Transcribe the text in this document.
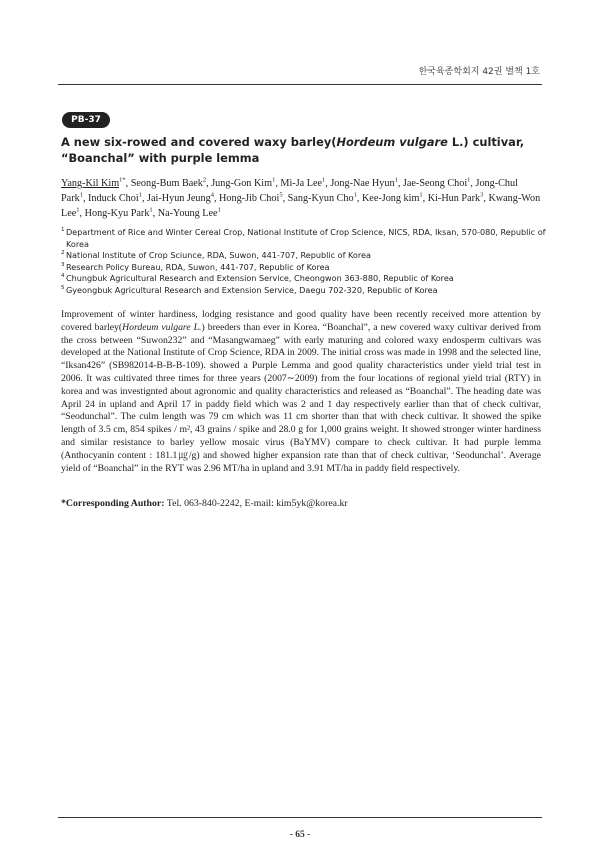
한국육종학회지 42권 별책 1호
PB-37
A new six-rowed and covered waxy barley(Hordeum vulgare L.) cultivar, “Boanchal” with purple lemma
Yang-Kil Kim$^{1*}$, Seong-Bum Baek$^2$, Jung-Gon Kim$^1$, Mi-Ja Lee$^1$, Jong-Nae Hyun$^1$, Jae-Seong Choi$^1$, Jong-Chul Park$^1$, Induck Choi$^1$, Jai-Hyun Jeung$^4$, Hong-Jib Choi$^5$, Sang-Kyun Cho$^1$, Kee-Jong kim$^1$, Ki-Hun Park$^3$, Kwang-Won Lee$^1$, Hong-Kyu Park$^1$, Na-Young Lee$^1$
$^1$ Department of Rice and Winter Cereal Crop, National Institute of Crop Science, NICS, RDA, Iksan, 570-080, Republic of Korea
$^2$ National Institute of Crop Sciunce, RDA, Suwon, 441-707, Republic of Korea
$^3$ Research Policy Bureau, RDA, Suwon, 441-707, Republic of Korea
$^4$ Chungbuk Agricultural Research and Extension Service, Cheongwon 363-880, Republic of Korea
$^5$ Gyeongbuk Agricultural Research and Extension Service, Daegu 702-320, Republic of Korea

Improvement of winter hardiness, lodging resistance and good quality have been recently received more attention by covered barley(Hordeum vulgare L.) breeders than ever in Korea. “Boanchal”, a new covered waxy cultivar derived from the cross between “Suwon232” and “Masangwamaeg” with early maturing and colored waxy endosperm cultivars was developed at the National Institute of Crop Science, RDA in 2009. The initial cross was made in 1998 and the selected line, “Iksan426” (SB982014-B-B-B-109). showed a Purple Lemma and good quality characteristics under yield trial test in 2006. It was cultivated three times for three years (2007∼2009) from the four locations of regional yield trial (RTY) in korea and was investignted about agronomic and quality characteristics and released as “Boanchal”. The heading date was April 24 in upland and April 17 in paddy field which was 2 and 1 day respectively earlier than that of check cultivar, “Seodunchal”. The culm length was 79 cm which was 11 cm shorter than that with check cultivar. It showed the spike length of 3.5 cm, 854 spikes / m², 43 grains / spike and 28.0 g for 1,000 grains weight. It showed stronger winter hardiness and similar resistance to barley yellow mosaic virus (BaYMV) compare to check cultivar. It had purple lemma (Anthocyanin content : 181.1㎍/g) and showed higher expansion rate than that of check cultivar, ‘Seodunchal’. Average yield of “Boanchal” in the RYT was 2.96 MT/ha in upland and 3.91 MT/ha in paddy field respectively.

*Corresponding Author: Tel. 063-840-2242, E-mail: kim5yk@korea.kr
- 65 -
